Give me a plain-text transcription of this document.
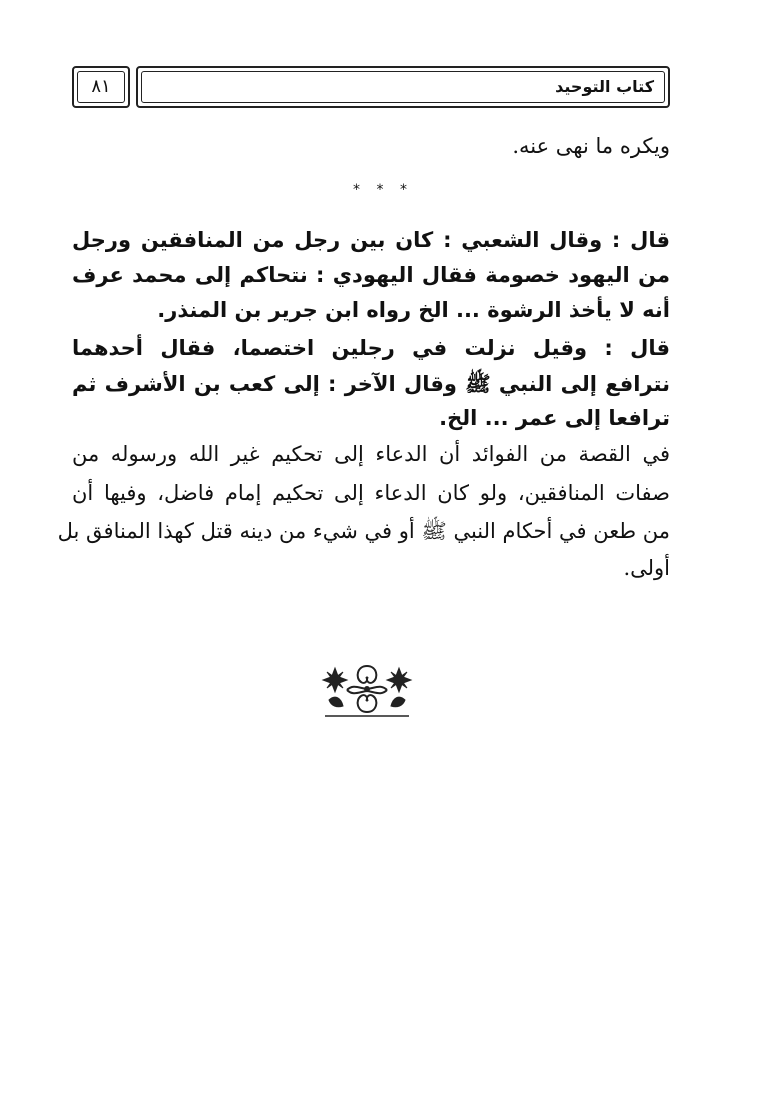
٨١	كتاب التوحيد
ويكره ما نهى عنه.
قال : وقال الشعبي : كان بين رجل من المنافقين ورجل
من اليهود خصومة فقال اليهودي : نتحاكم إلى محمد عرف
أنه لا يأخذ الرشوة ... الخ رواه ابن جرير بن المنذر.
قال : وقيل نزلت في رجلين اختصما، فقال أحدهما
نترافع إلى النبي ﷺ وقال الآخر : إلى كعب بن الأشرف ثم
ترافعا إلى عمر ... الخ.
في القصة من الفوائد أن الدعاء إلى تحكيم غير الله ورسوله من
صفات المنافقين، ولو كان الدعاء إلى تحكيم إمام فاضل، وفيها أن
من طعن في أحكام النبي ﷺ أو في شيء من دينه قتل كهذا المنافق بل
أولى.
* * *
